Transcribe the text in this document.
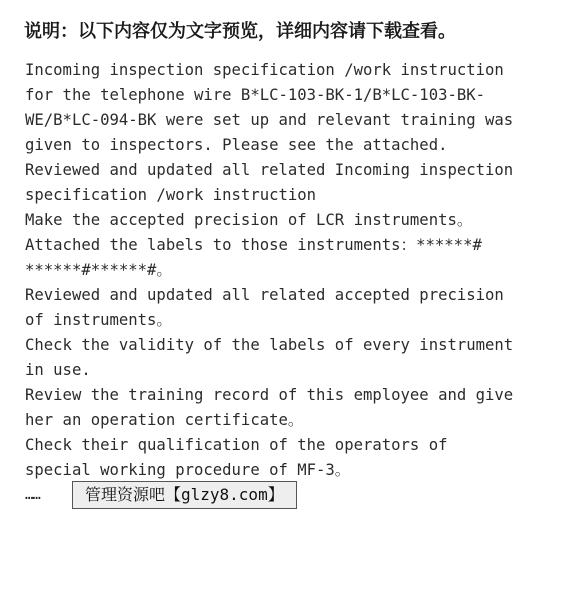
说明：以下内容仅为文字预览，详细内容请下载查看。
Incoming inspection specification /work instruction
for the telephone wire B*LC-103-BK-1/B*LC-103-BK-
WE/B*LC-094-BK were set up and relevant training was
given to inspectors. Please see the attached.
Reviewed and updated all related Incoming inspection
specification /work instruction
Make the accepted precision of LCR instruments。
Attached the labels to those instruments：******#
******#******#。
Reviewed and updated all related accepted precision
of instruments。
Check the validity of the labels of every instrument
in use.
Review the training record of this employee and give
her an operation certificate。
Check their qualification of the operators of
special working procedure of MF-3。
……	管理资源吧【glzy8.com】
